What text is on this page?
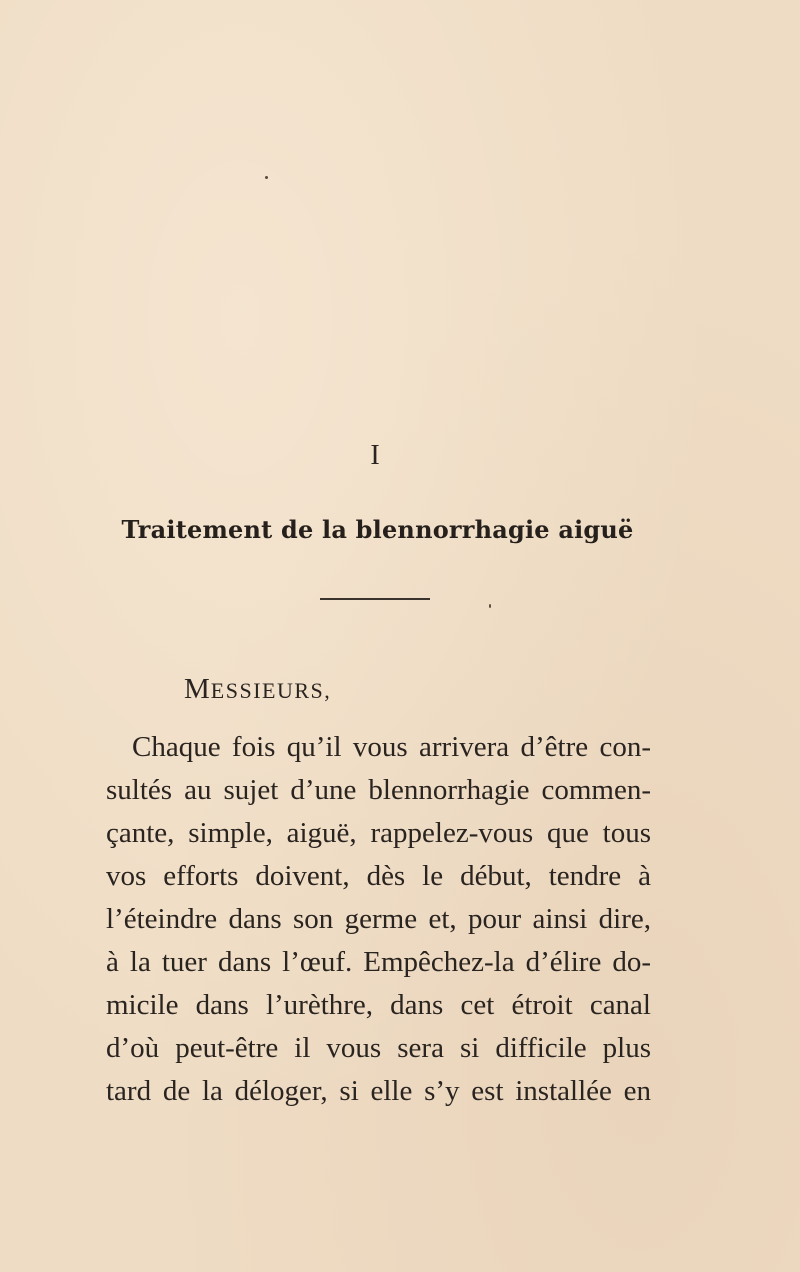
I
Traitement de la blennorrhagie aiguë
MESSIEURS,
Chaque fois qu’il vous arrivera d’être con-
sultés au sujet d’une blennorrhagie commen-
çante, simple, aiguë, rappelez-vous que tous
vos efforts doivent, dès le début, tendre à
l’éteindre dans son germe et, pour ainsi dire,
à la tuer dans l’œuf. Empêchez-la d’élire do-
micile dans l’urèthre, dans cet étroit canal
d’où peut-être il vous sera si difficile plus
tard de la déloger, si elle s’y est installée en
